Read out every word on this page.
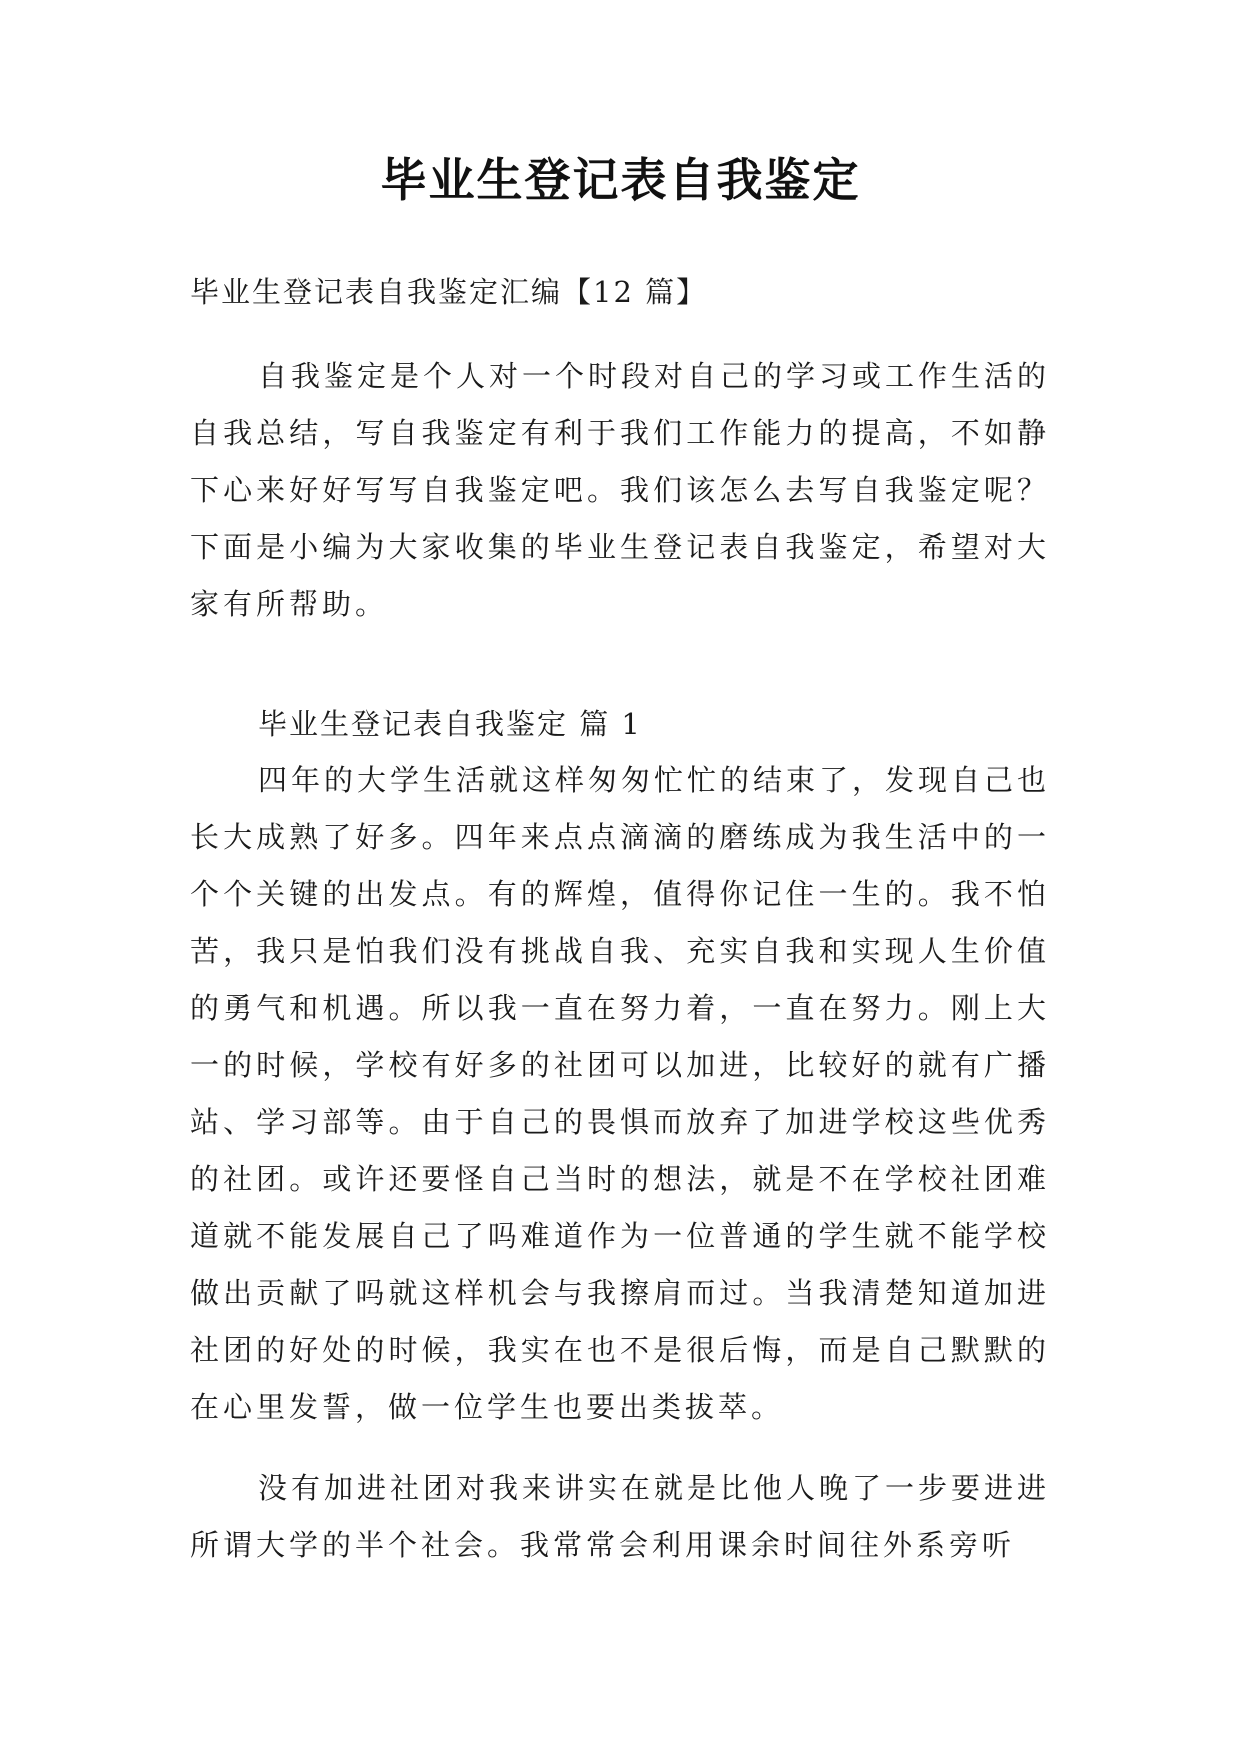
毕业生登记表自我鉴定
毕业生登记表自我鉴定汇编【12 篇】

自我鉴定是个人对一个时段对自己的学习或工作生活的自我总结，写自我鉴定有利于我们工作能力的提高，不如静下心来好好写写自我鉴定吧。我们该怎么去写自我鉴定呢？下面是小编为大家收集的毕业生登记表自我鉴定，希望对大家有所帮助。

毕业生登记表自我鉴定 篇 1

四年的大学生活就这样匆匆忙忙的结束了，发现自己也长大成熟了好多。四年来点点滴滴的磨练成为我生活中的一个个关键的出发点。有的辉煌，值得你记住一生的。我不怕苦，我只是怕我们没有挑战自我、充实自我和实现人生价值的勇气和机遇。所以我一直在努力着，一直在努力。刚上大一的时候，学校有好多的社团可以加进，比较好的就有广播站、学习部等。由于自己的畏惧而放弃了加进学校这些优秀的社团。或许还要怪自己当时的想法，就是不在学校社团难道就不能发展自己了吗难道作为一位普通的学生就不能学校做出贡献了吗就这样机会与我擦肩而过。当我清楚知道加进社团的好处的时候，我实在也不是很后悔，而是自己默默的在心里发誓，做一位学生也要出类拔萃。

没有加进社团对我来讲实在就是比他人晚了一步要进进所谓大学的半个社会。我常常会利用课余时间往外系旁听
